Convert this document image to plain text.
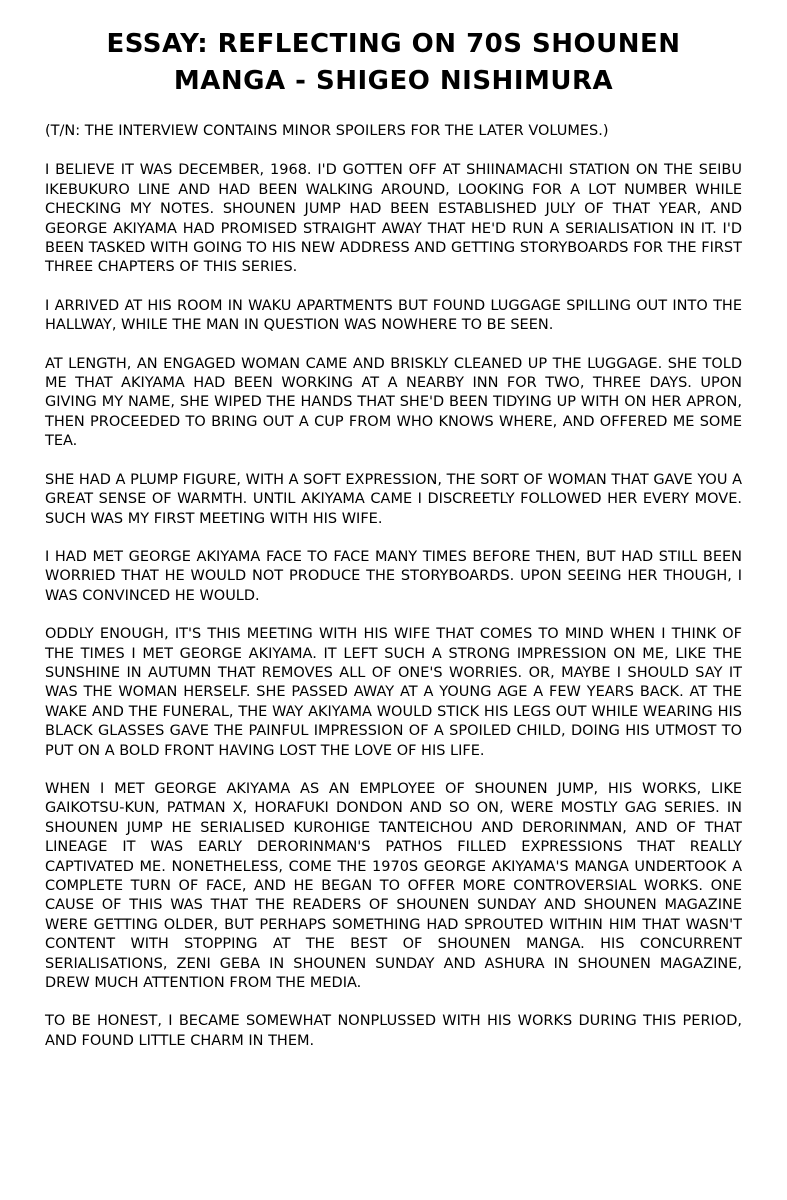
ESSAY: REFLECTING ON 70S SHOUNEN
MANGA - SHIGEO NISHIMURA

(T/N: THE INTERVIEW CONTAINS MINOR SPOILERS FOR THE LATER VOLUMES.)

I BELIEVE IT WAS DECEMBER, 1968. I'D GOTTEN OFF AT SHIINAMACHI STATION ON THE SEIBU IKEBUKURO LINE AND HAD BEEN WALKING AROUND, LOOKING FOR A LOT NUMBER WHILE CHECKING MY NOTES. SHOUNEN JUMP HAD BEEN ESTABLISHED JULY OF THAT YEAR, AND GEORGE AKIYAMA HAD PROMISED STRAIGHT AWAY THAT HE'D RUN A SERIALISATION IN IT. I'D BEEN TASKED WITH GOING TO HIS NEW ADDRESS AND GETTING STORYBOARDS FOR THE FIRST THREE CHAPTERS OF THIS SERIES.

I ARRIVED AT HIS ROOM IN WAKU APARTMENTS BUT FOUND LUGGAGE SPILLING OUT INTO THE HALLWAY, WHILE THE MAN IN QUESTION WAS NOWHERE TO BE SEEN.

AT LENGTH, AN ENGAGED WOMAN CAME AND BRISKLY CLEANED UP THE LUGGAGE. SHE TOLD ME THAT AKIYAMA HAD BEEN WORKING AT A NEARBY INN FOR TWO, THREE DAYS. UPON GIVING MY NAME, SHE WIPED THE HANDS THAT SHE'D BEEN TIDYING UP WITH ON HER APRON, THEN PROCEEDED TO BRING OUT A CUP FROM WHO KNOWS WHERE, AND OFFERED ME SOME TEA.

SHE HAD A PLUMP FIGURE, WITH A SOFT EXPRESSION, THE SORT OF WOMAN THAT GAVE YOU A GREAT SENSE OF WARMTH. UNTIL AKIYAMA CAME I DISCREETLY FOLLOWED HER EVERY MOVE. SUCH WAS MY FIRST MEETING WITH HIS WIFE.

I HAD MET GEORGE AKIYAMA FACE TO FACE MANY TIMES BEFORE THEN, BUT HAD STILL BEEN WORRIED THAT HE WOULD NOT PRODUCE THE STORYBOARDS. UPON SEEING HER THOUGH, I WAS CONVINCED HE WOULD.

ODDLY ENOUGH, IT'S THIS MEETING WITH HIS WIFE THAT COMES TO MIND WHEN I THINK OF THE TIMES I MET GEORGE AKIYAMA. IT LEFT SUCH A STRONG IMPRESSION ON ME, LIKE THE SUNSHINE IN AUTUMN THAT REMOVES ALL OF ONE'S WORRIES. OR, MAYBE I SHOULD SAY IT WAS THE WOMAN HERSELF. SHE PASSED AWAY AT A YOUNG AGE A FEW YEARS BACK. AT THE WAKE AND THE FUNERAL, THE WAY AKIYAMA WOULD STICK HIS LEGS OUT WHILE WEARING HIS BLACK GLASSES GAVE THE PAINFUL IMPRESSION OF A SPOILED CHILD, DOING HIS UTMOST TO PUT ON A BOLD FRONT HAVING LOST THE LOVE OF HIS LIFE.

WHEN I MET GEORGE AKIYAMA AS AN EMPLOYEE OF SHOUNEN JUMP, HIS WORKS, LIKE GAIKOTSU-KUN, PATMAN X, HORAFUKI DONDON AND SO ON, WERE MOSTLY GAG SERIES. IN SHOUNEN JUMP HE SERIALISED KUROHIGE TANTEICHOU AND DERORINMAN, AND OF THAT LINEAGE IT WAS EARLY DERORINMAN'S PATHOS FILLED EXPRESSIONS THAT REALLY CAPTIVATED ME. NONETHELESS, COME THE 1970S GEORGE AKIYAMA'S MANGA UNDERTOOK A COMPLETE TURN OF FACE, AND HE BEGAN TO OFFER MORE CONTROVERSIAL WORKS. ONE CAUSE OF THIS WAS THAT THE READERS OF SHOUNEN SUNDAY AND SHOUNEN MAGAZINE WERE GETTING OLDER, BUT PERHAPS SOMETHING HAD SPROUTED WITHIN HIM THAT WASN'T CONTENT WITH STOPPING AT THE BEST OF SHOUNEN MANGA. HIS CONCURRENT SERIALISATIONS, ZENI GEBA IN SHOUNEN SUNDAY AND ASHURA IN SHOUNEN MAGAZINE, DREW MUCH ATTENTION FROM THE MEDIA.

TO BE HONEST, I BECAME SOMEWHAT NONPLUSSED WITH HIS WORKS DURING THIS PERIOD, AND FOUND LITTLE CHARM IN THEM.
